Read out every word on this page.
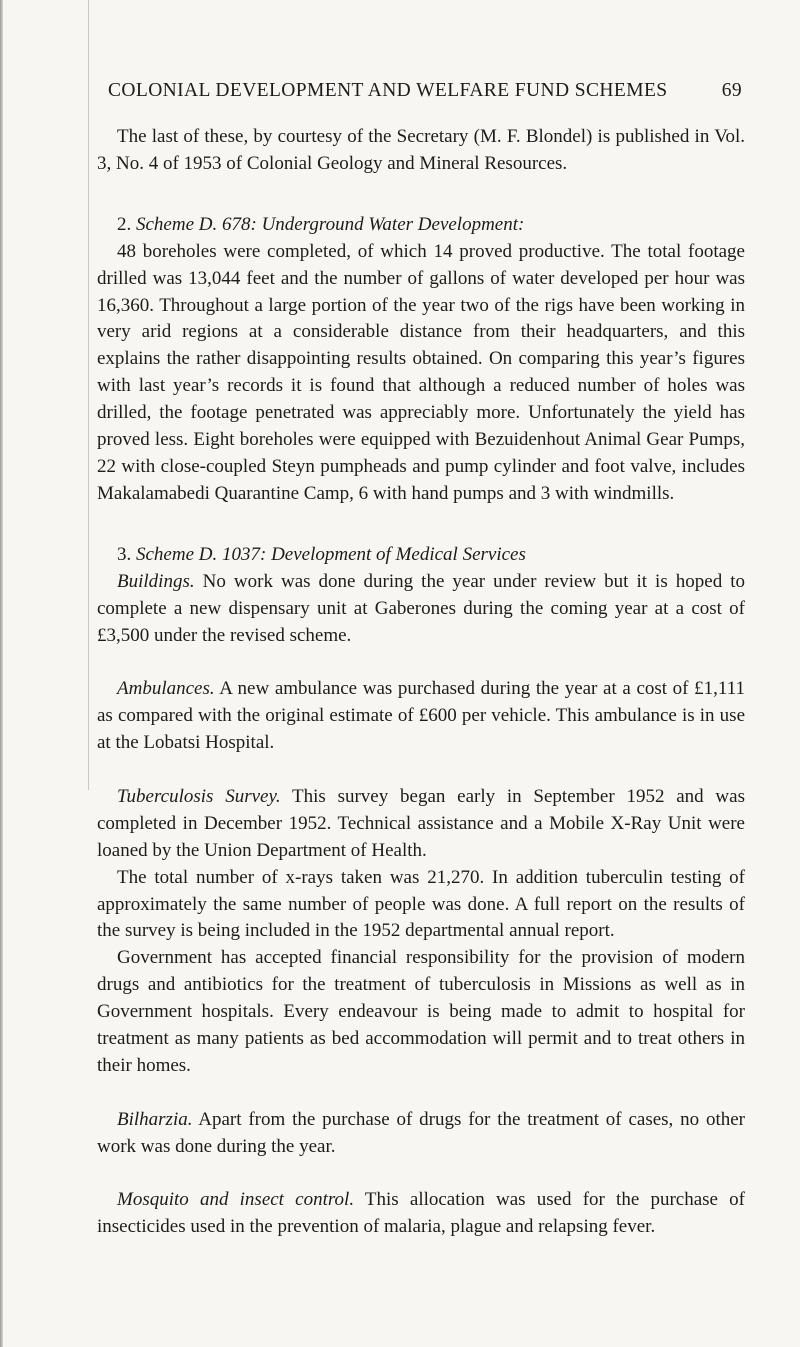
COLONIAL DEVELOPMENT AND WELFARE FUND SCHEMES	69

The last of these, by courtesy of the Secretary (M. F. Blondel) is published in Vol. 3, No. 4 of 1953 of Colonial Geology and Mineral Resources.

2. Scheme D. 678: Underground Water Development:

48 boreholes were completed, of which 14 proved productive. The total footage drilled was 13,044 feet and the number of gallons of water developed per hour was 16,360. Throughout a large portion of the year two of the rigs have been working in very arid regions at a considerable distance from their headquarters, and this explains the rather disappointing results obtained. On comparing this year’s figures with last year’s records it is found that although a reduced number of holes was drilled, the footage penetrated was appreciably more. Unfortunately the yield has proved less. Eight boreholes were equipped with Bezuidenhout Animal Gear Pumps, 22 with close-coupled Steyn pumpheads and pump cylinder and foot valve, includes Makalamabedi Quarantine Camp, 6 with hand pumps and 3 with windmills.

3. Scheme D. 1037: Development of Medical Services

Buildings. No work was done during the year under review but it is hoped to complete a new dispensary unit at Gaberones during the coming year at a cost of £3,500 under the revised scheme.

Ambulances. A new ambulance was purchased during the year at a cost of £1,111 as compared with the original estimate of £600 per vehicle. This ambulance is in use at the Lobatsi Hospital.

Tuberculosis Survey. This survey began early in September 1952 and was completed in December 1952. Technical assistance and a Mobile X-Ray Unit were loaned by the Union Department of Health.

The total number of x-rays taken was 21,270. In addition tuberculin testing of approximately the same number of people was done. A full report on the results of the survey is being included in the 1952 departmental annual report.

Government has accepted financial responsibility for the provision of modern drugs and antibiotics for the treatment of tuberculosis in Missions as well as in Government hospitals. Every endeavour is being made to admit to hospital for treatment as many patients as bed accommodation will permit and to treat others in their homes.

Bilharzia. Apart from the purchase of drugs for the treatment of cases, no other work was done during the year.

Mosquito and insect control. This allocation was used for the purchase of insecticides used in the prevention of malaria, plague and relapsing fever.
